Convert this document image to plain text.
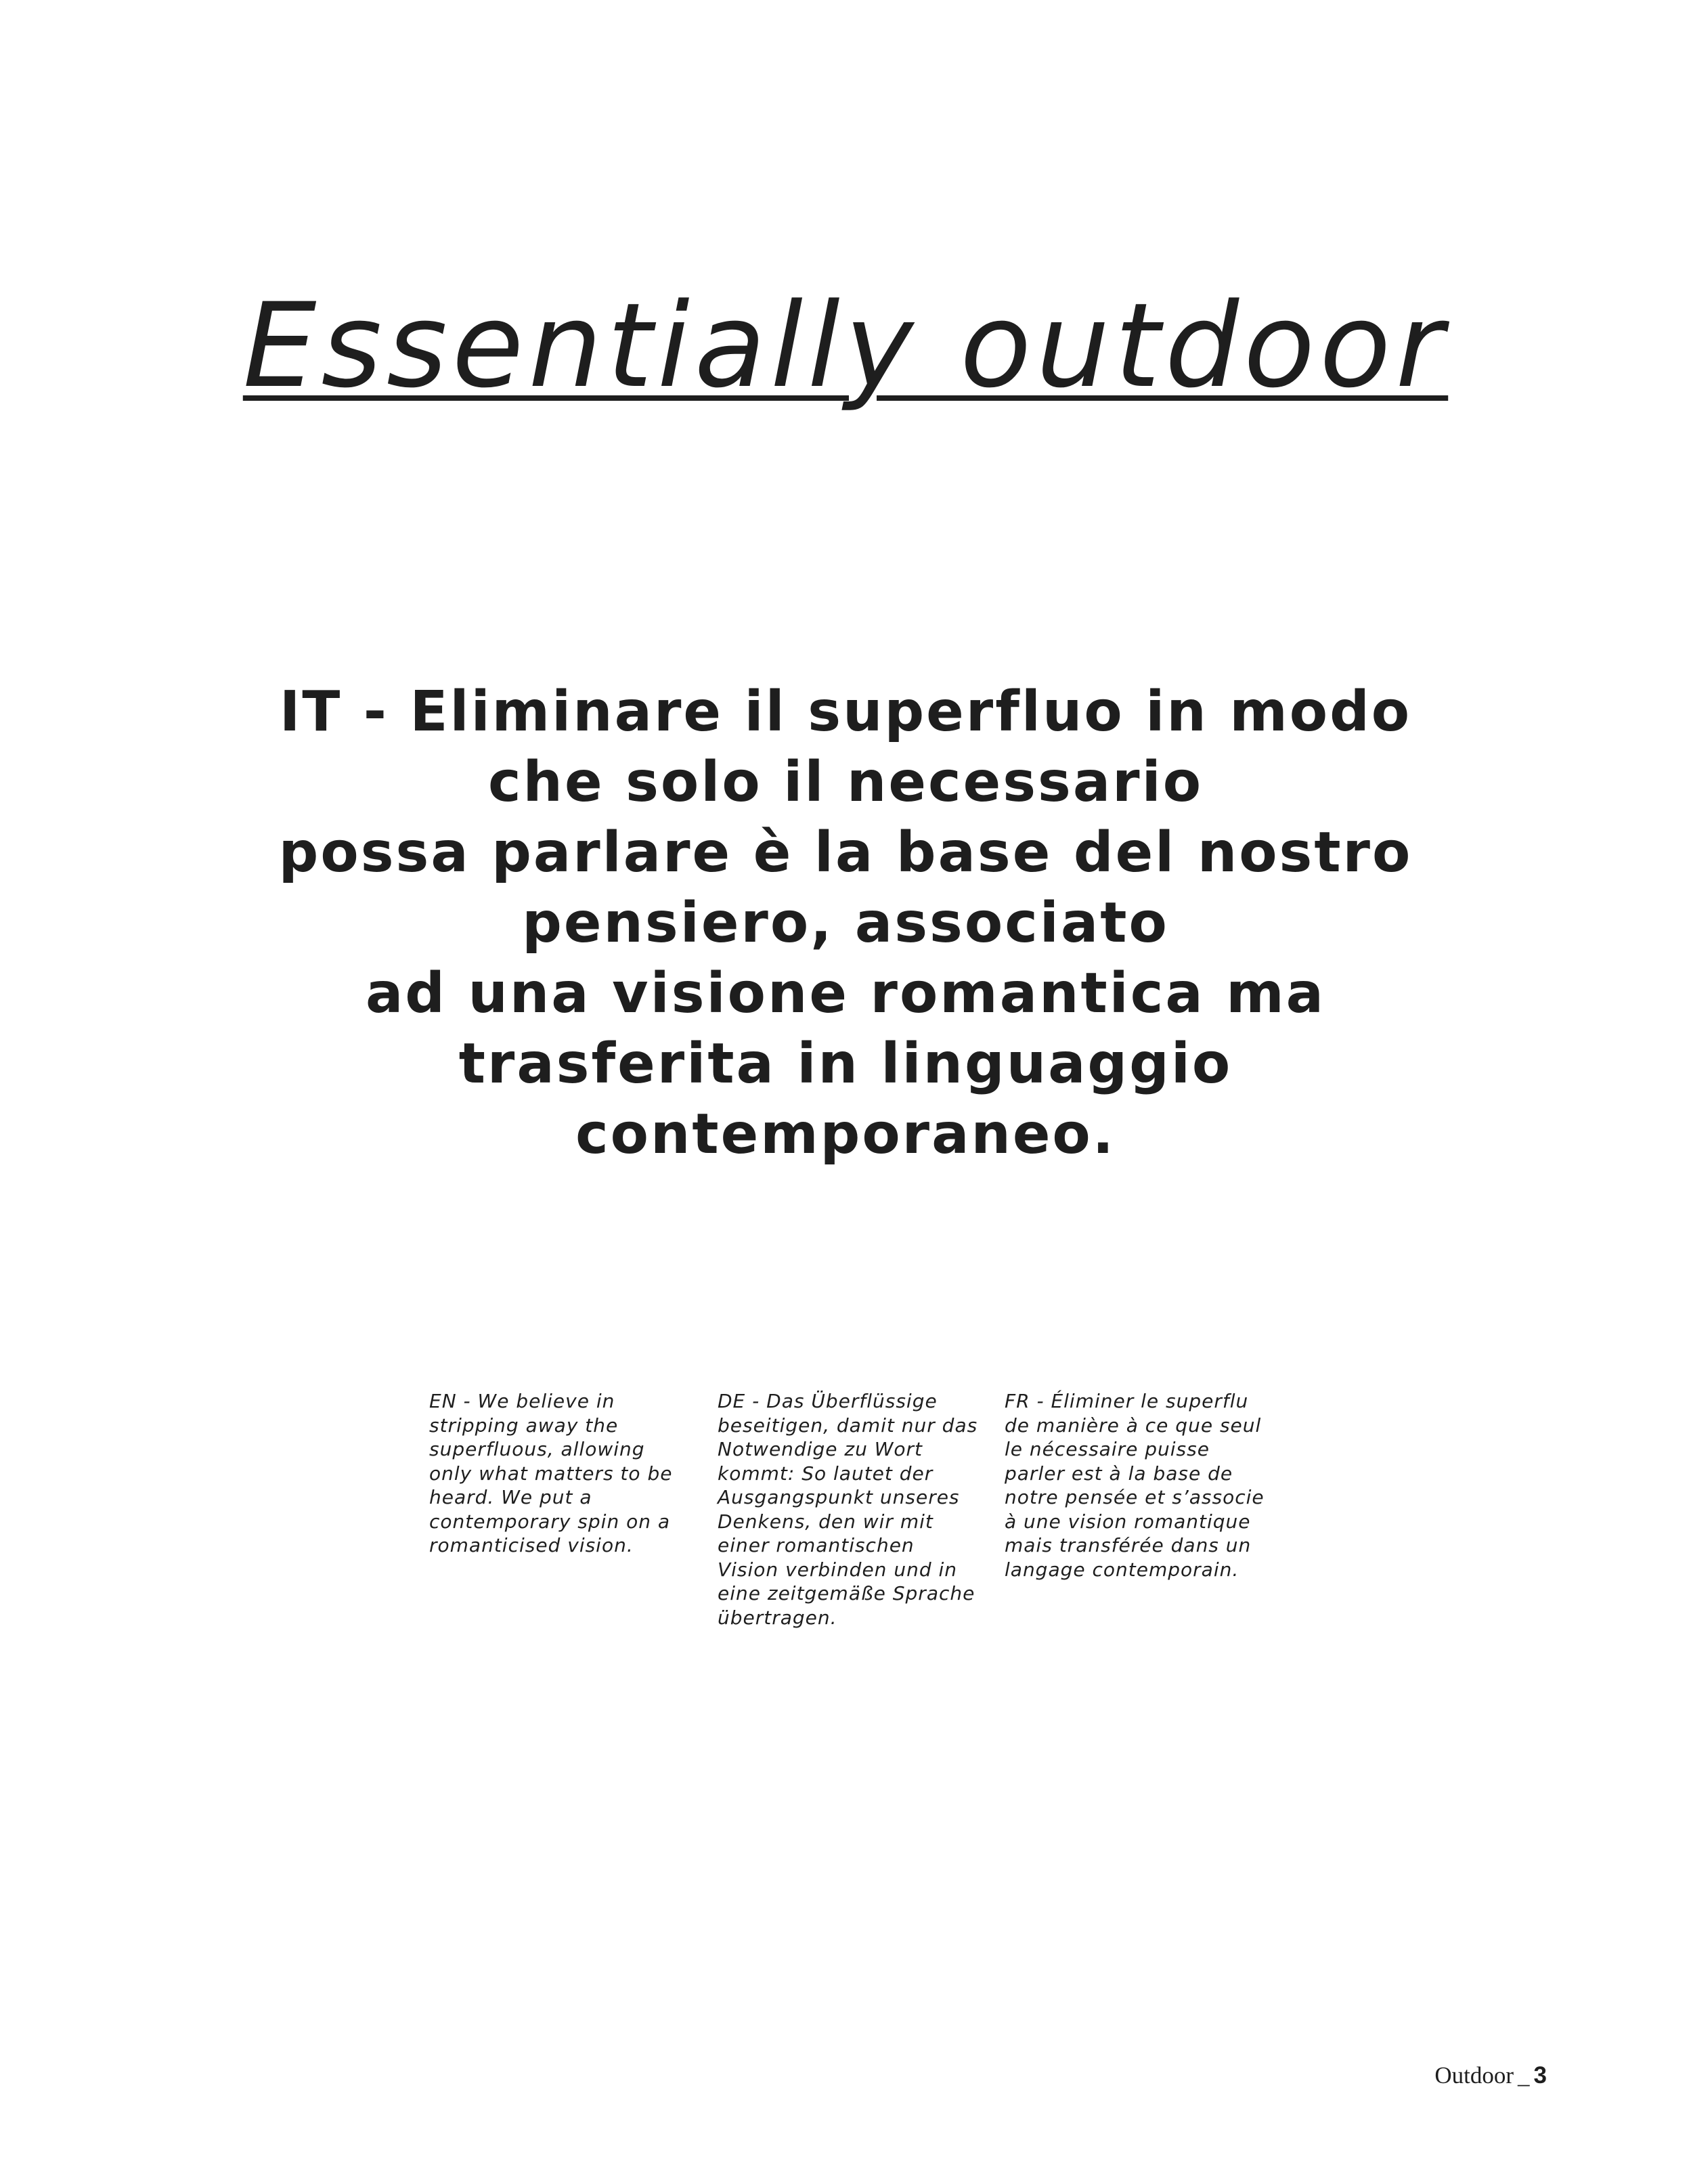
Essentially outdoor

IT - Eliminare il superfluo in modo
che solo il necessario
possa parlare è la base del nostro
pensiero, associato
ad una visione romantica ma
trasferita in linguaggio
contemporaneo.

EN - We believe in
stripping away the
superfluous, allowing
only what matters to be
heard. We put a
contemporary spin on a
romanticised vision.

DE - Das Überflüssige
beseitigen, damit nur das
Notwendige zu Wort
kommt: So lautet der
Ausgangspunkt unseres
Denkens, den wir mit
einer romantischen
Vision verbinden und in
eine zeitgemäße Sprache
übertragen.

FR - Éliminer le superflu
de manière à ce que seul
le nécessaire puisse
parler est à la base de
notre pensée et s’associe
à une vision romantique
mais transférée dans un
langage contemporain.

Outdoor _ 3
